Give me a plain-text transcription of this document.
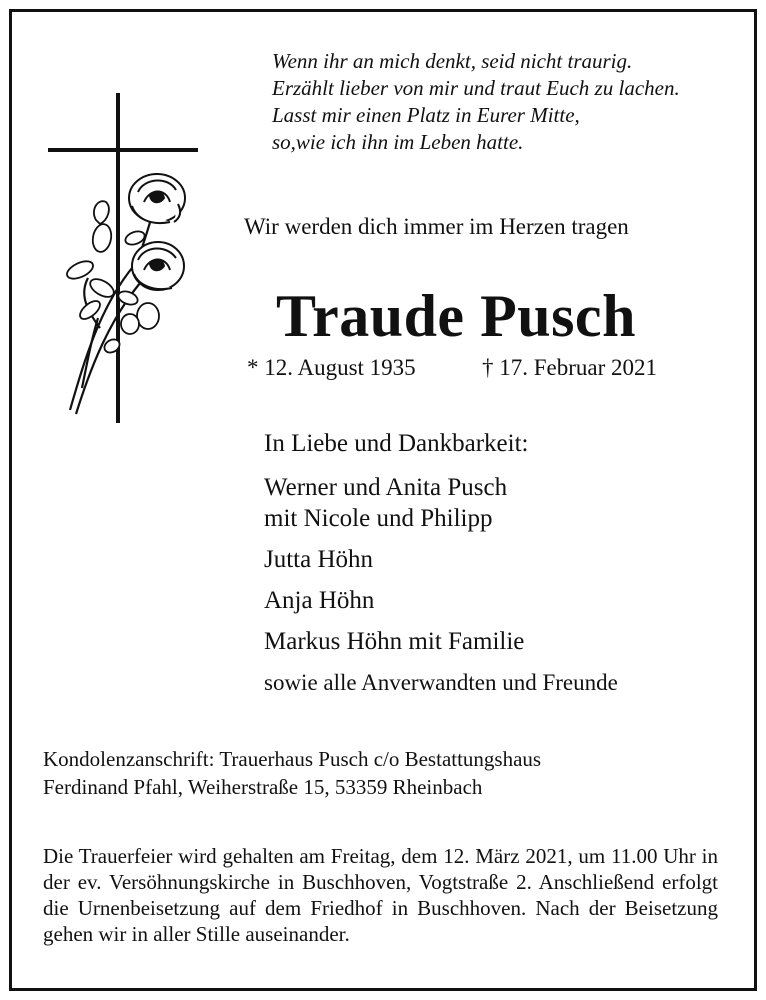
Wenn ihr an mich denkt, seid nicht traurig.
Erzählt lieber von mir und traut Euch zu lachen.
Lasst mir einen Platz in Eurer Mitte,
so,wie ich ihn im Leben hatte.
Wir werden dich immer im Herzen tragen
Traude Pusch
* 12. August 1935	† 17. Februar 2021
In Liebe und Dankbarkeit:
Werner und Anita Pusch
mit Nicole und Philipp
Jutta Höhn
Anja Höhn
Markus Höhn mit Familie
sowie alle Anverwandten und Freunde
Kondolenzanschrift: Trauerhaus Pusch c/o Bestattungshaus
Ferdinand Pfahl, Weiherstraße 15, 53359 Rheinbach
Die Trauerfeier wird gehalten am Freitag, dem 12. März 2021, um 11.00 Uhr in der ev. Versöhnungskirche in Buschhoven, Vogtstraße 2. Anschließend erfolgt die Urnenbeisetzung auf dem Friedhof in Buschhoven. Nach der Beisetzung gehen wir in aller Stille auseinander.
